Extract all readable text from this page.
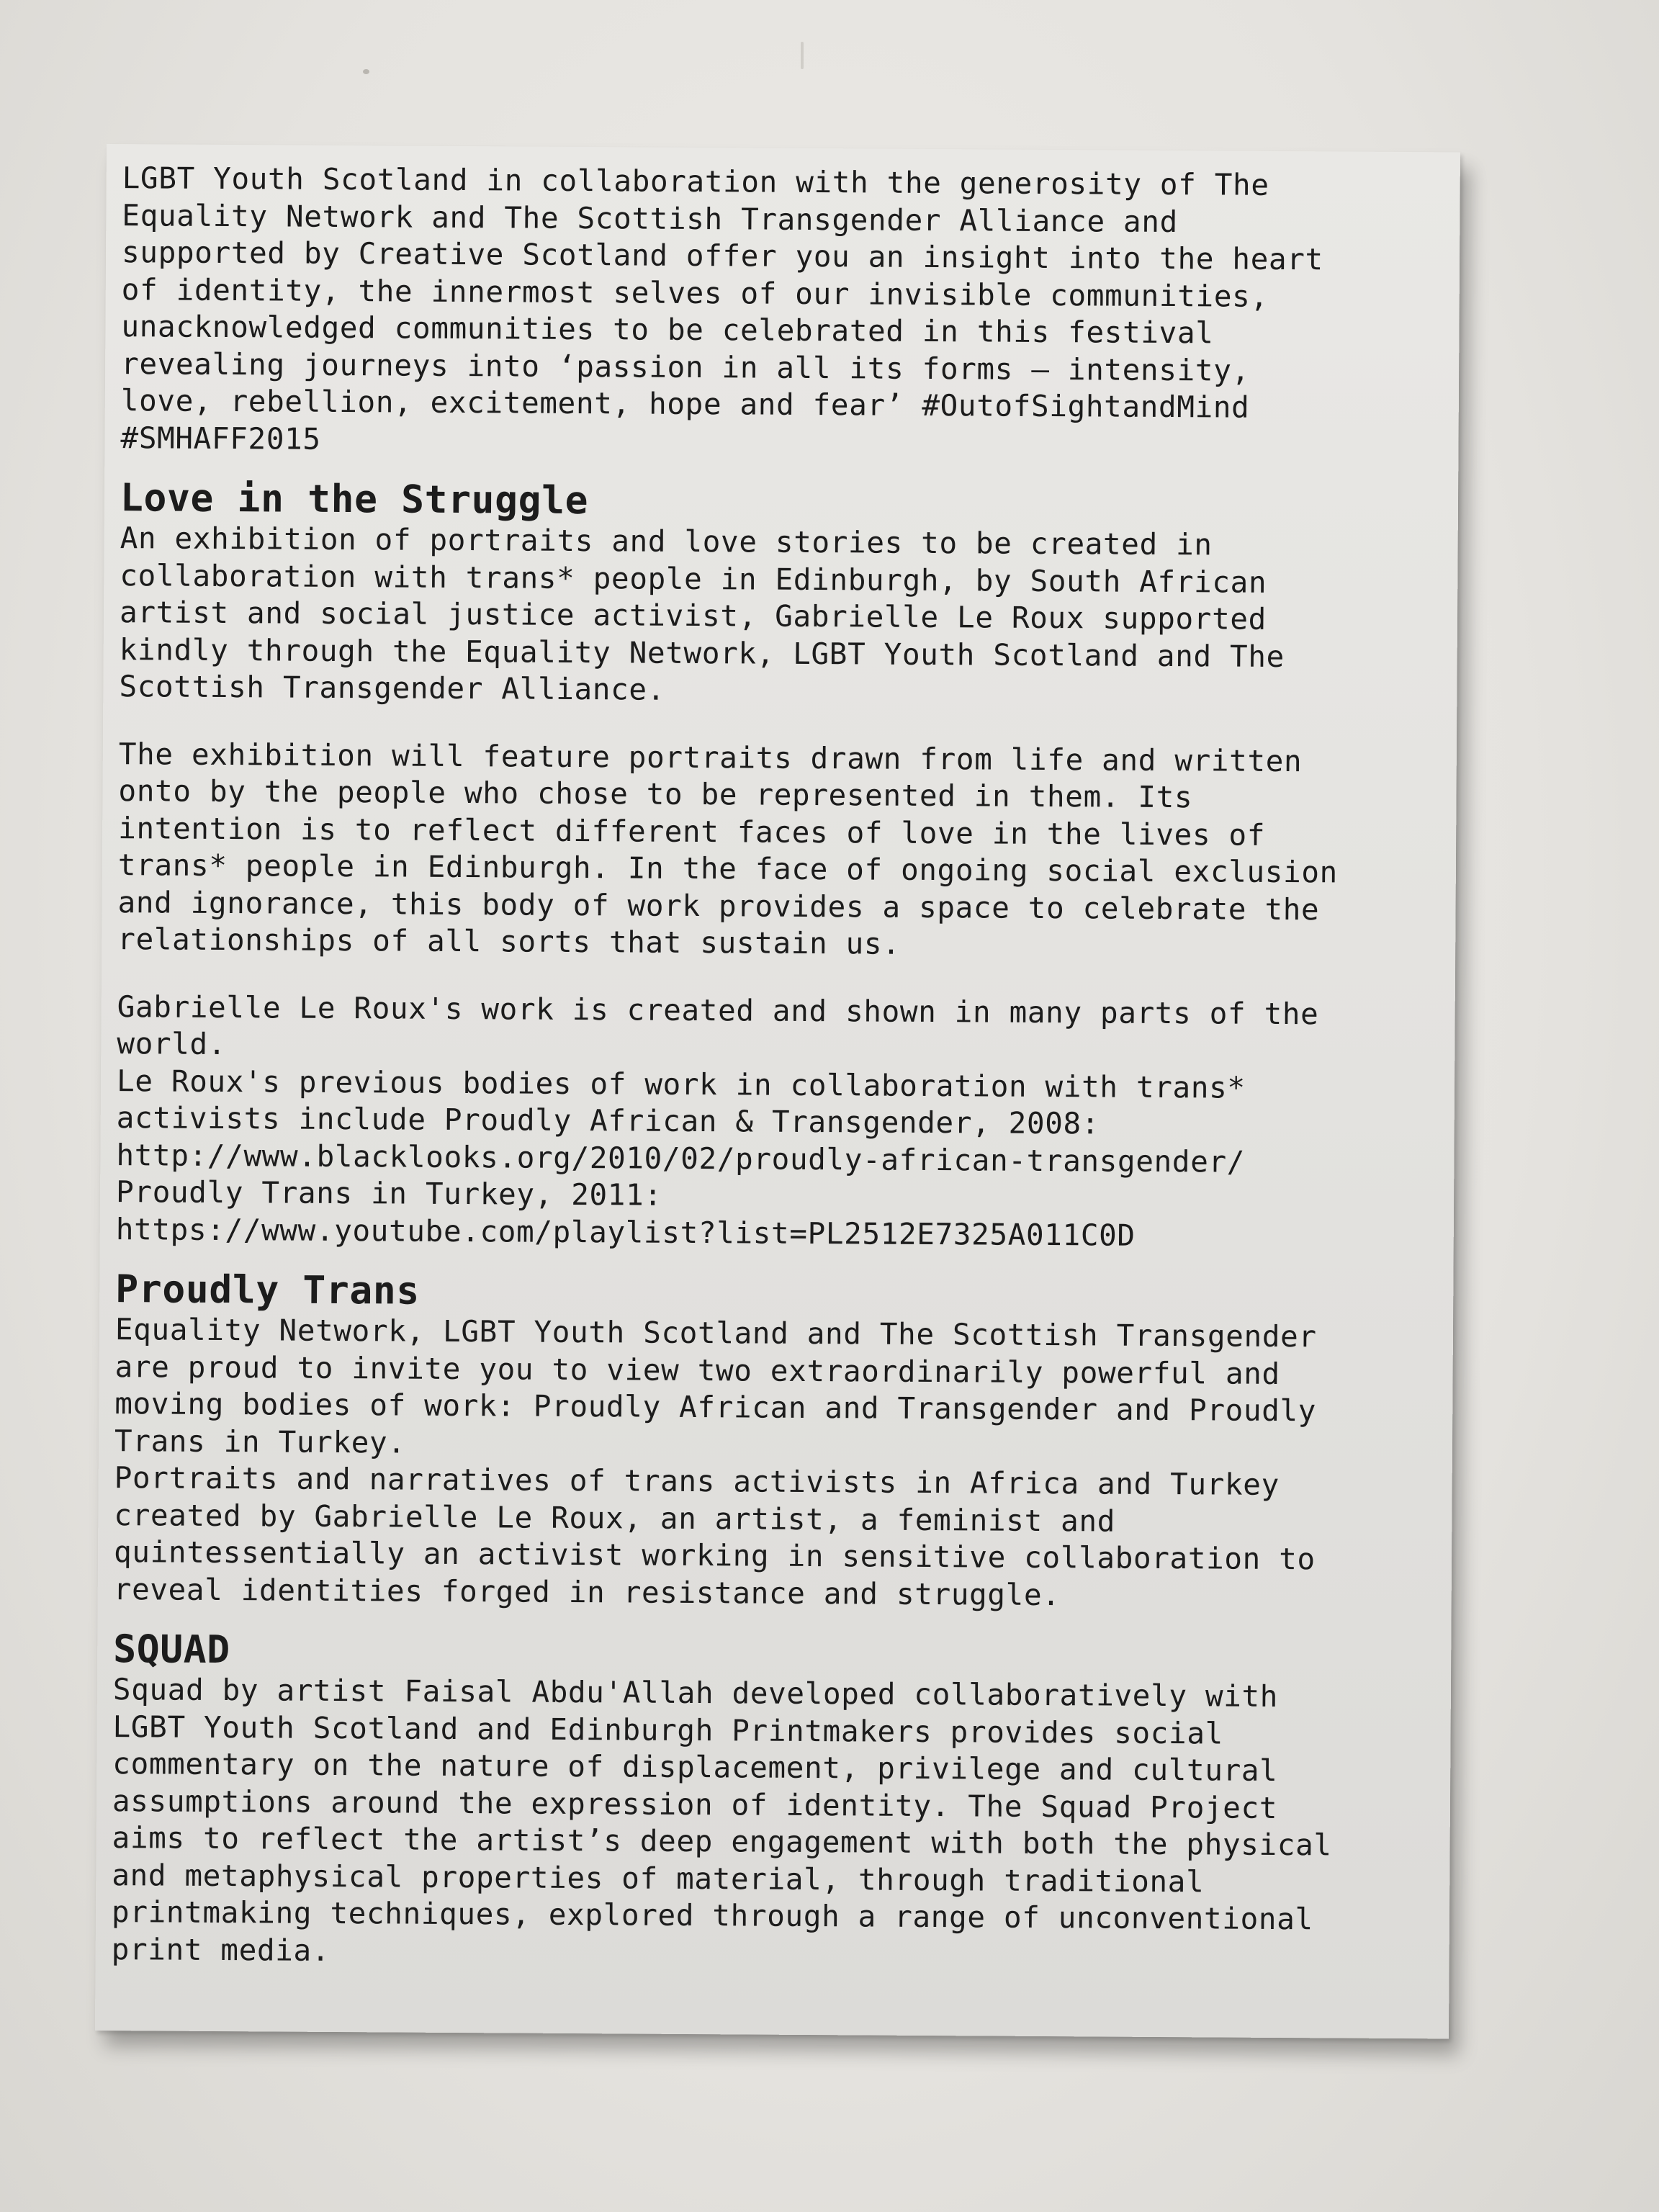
LGBT Youth Scotland in collaboration with the generosity of The

Equality Network and The Scottish Transgender Alliance and

supported by Creative Scotland offer you an insight into the heart

of identity, the innermost selves of our invisible communities,

unacknowledged communities to be celebrated in this festival

revealing journeys into ‘passion in all its forms – intensity,

love, rebellion, excitement, hope and fear’ #OutofSightandMind

#SMHAFF2015

Love in the Struggle

An exhibition of portraits and love stories to be created in

collaboration with trans* people in Edinburgh, by South African

artist and social justice activist, Gabrielle Le Roux supported

kindly through the Equality Network, LGBT Youth Scotland and The

Scottish Transgender Alliance.

The exhibition will feature portraits drawn from life and written

onto by the people who chose to be represented in them. Its

intention is to reflect different faces of love in the lives of

trans* people in Edinburgh. In the face of ongoing social exclusion

and ignorance, this body of work provides a space to celebrate the

relationships of all sorts that sustain us.

Gabrielle Le Roux's work is created and shown in many parts of the

world.

Le Roux's previous bodies of work in collaboration with trans*

activists include Proudly African & Transgender, 2008:

http://www.blacklooks.org/2010/02/proudly-african-transgender/

Proudly Trans in Turkey, 2011:

https://www.youtube.com/playlist?list=PL2512E7325A011C0D

Proudly Trans

Equality Network, LGBT Youth Scotland and The Scottish Transgender

are proud to invite you to view two extraordinarily powerful and

moving bodies of work: Proudly African and Transgender and Proudly

Trans in Turkey.

Portraits and narratives of trans activists in Africa and Turkey

created by Gabrielle Le Roux, an artist, a feminist and

quintessentially an activist working in sensitive collaboration to

reveal identities forged in resistance and struggle.

SQUAD

Squad by artist Faisal Abdu'Allah developed collaboratively with

LGBT Youth Scotland and Edinburgh Printmakers provides social

commentary on the nature of displacement, privilege and cultural

assumptions around the expression of identity. The Squad Project

aims to reflect the artist’s deep engagement with both the physical

and metaphysical properties of material, through traditional

printmaking techniques, explored through a range of unconventional

print media.
